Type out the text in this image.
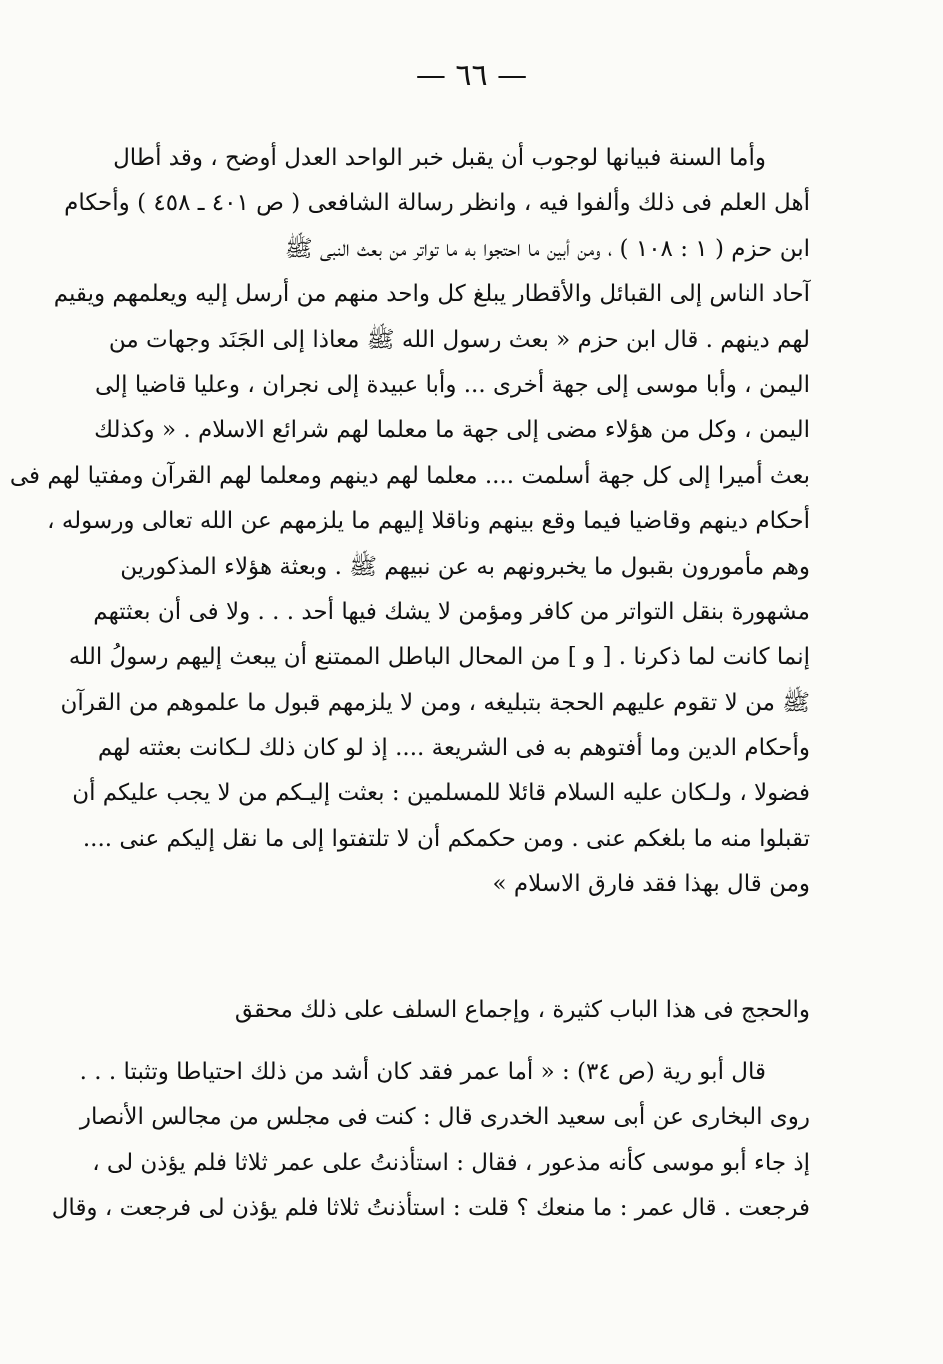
— ٦٦ —
وأما السنة فبيانها لوجوب أن يقبل خبر الواحد العدل أوضح ، وقد أطال
أهل العلم فى ذلك وألفوا فيه ، وانظر رسالة الشافعى ( ص ٤٠١ ـ ٤٥٨ ) وأحكام
ابن حزم ( ١ : ١٠٨ ) ، ومن أبين ما احتجوا به ما تواتر من بعث النبى ﷺ
آحاد الناس إلى القبائل والأقطار يبلغ كل واحد منهم من أرسل إليه ويعلمهم ويقيم
لهم دينهم . قال ابن حزم « بعث رسول الله ﷺ معاذا إلى الجَنَد وجهات من
اليمن ، وأبا موسى إلى جهة أخرى ... وأبا عبيدة إلى نجران ، وعليا قاضيا إلى
اليمن ، وكل من هؤلاء مضى إلى جهة ما معلما لهم شرائع الاسلام . « وكذلك
بعث أميرا إلى كل جهة أسلمت .... معلما لهم دينهم ومعلما لهم القرآن ومفتيا لهم فى
أحكام دينهم وقاضيا فيما وقع بينهم وناقلا إليهم ما يلزمهم عن الله تعالى ورسوله ،
وهم مأمورون بقبول ما يخبرونهم به عن نبيهم ﷺ . وبعثة هؤلاء المذكورين
مشهورة بنقل التواتر من كافر ومؤمن لا يشك فيها أحد . . . ولا فى أن بعثتهم
إنما كانت لما ذكرنا . [ و ] من المحال الباطل الممتنع أن يبعث إليهم رسولُ الله
ﷺ من لا تقوم عليهم الحجة بتبليغه ، ومن لا يلزمهم قبول ما علموهم من القرآن
وأحكام الدين وما أفتوهم به فى الشريعة .... إذ لو كان ذلك لـكانت بعثته لهم
فضولا ، ولـكان عليه السلام قائلا للمسلمين : بعثت إليـكم من لا يجب عليكم أن
تقبلوا منه ما بلغكم عنى . ومن حكمكم أن لا تلتفتوا إلى ما نقل إليكم عنى ....
ومن قال بهذا فقد فارق الاسلام »
والحجج فى هذا الباب كثيرة ، وإجماع السلف على ذلك محقق
قال أبو رية (ص ٣٤) : « أما عمر فقد كان أشد من ذلك احتياطا وتثبتا . . .
روى البخارى عن أبى سعيد الخدرى قال : كنت فى مجلس من مجالس الأنصار
إذ جاء أبو موسى كأنه مذعور ، فقال : استأذنتُ على عمر ثلاثا فلم يؤذن لى ،
فرجعت . قال عمر : ما منعك ؟ قلت : استأذنتُ ثلاثا فلم يؤذن لى فرجعت ، وقال
